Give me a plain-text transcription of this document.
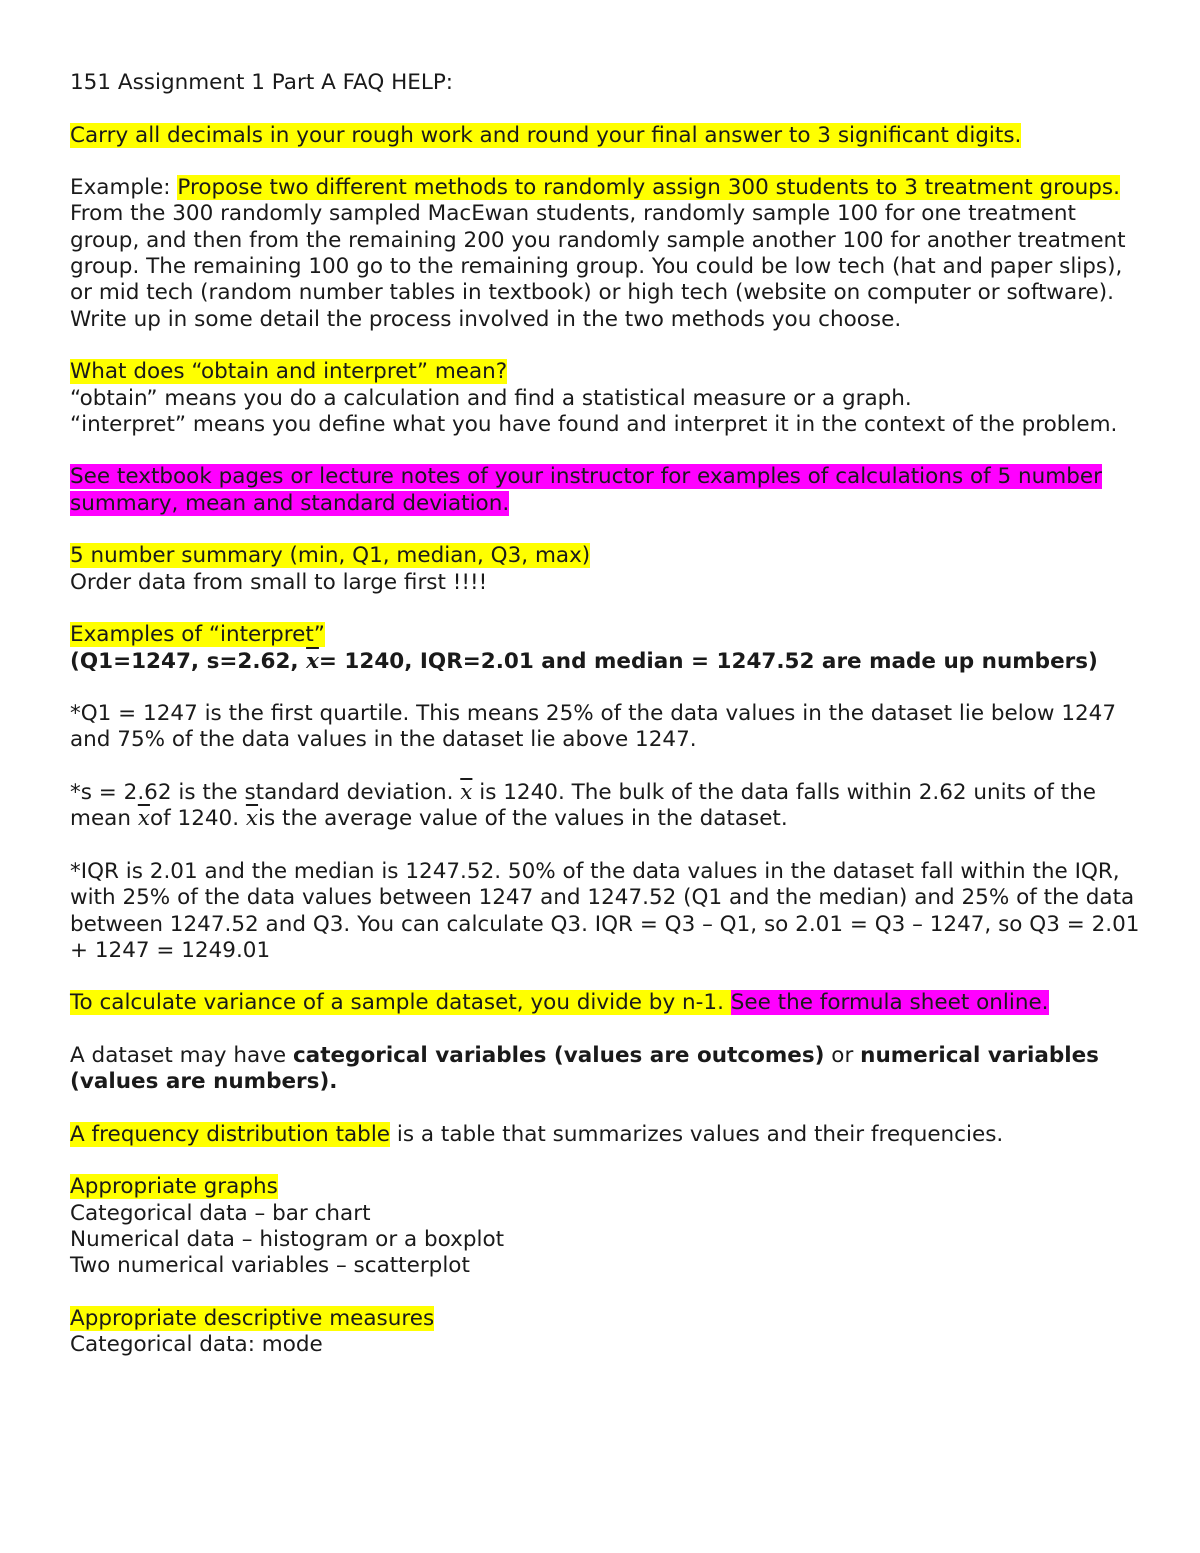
151 Assignment 1 Part A FAQ HELP:

Carry all decimals in your rough work and round your final answer to 3 significant digits.

Example: Propose two different methods to randomly assign 300 students to 3 treatment groups.

From the 300 randomly sampled MacEwan students, randomly sample 100 for one treatment group, and then from the remaining 200 you randomly sample another 100 for another treatment group. The remaining 100 go to the remaining group. You could be low tech (hat and paper slips), or mid tech (random number tables in textbook) or high tech (website on computer or software). Write up in some detail the process involved in the two methods you choose.

What does “obtain and interpret” mean?

“obtain” means you do a calculation and find a statistical measure or a graph.

“interpret” means you define what you have found and interpret it in the context of the problem.

See textbook pages or lecture notes of your instructor for examples of calculations of 5 number summary, mean and standard deviation.

5 number summary (min, Q1, median, Q3, max)

Order data from small to large first !!!!

Examples of “interpret”

(Q1=1247, s=2.62, $\overline{x}= 1240$, IQR=2.01 and median = 1247.52 are made up numbers)

*Q1 = 1247 is the first quartile. This means 25% of the data values in the dataset lie below 1247 and 75% of the data values in the dataset lie above 1247.

*s = 2.62 is the standard deviation. $\overline{x}$ is 1240. The bulk of the data falls within 2.62 units of the mean $\overline{x}of$ 1240. $\overline{x}is$ the average value of the values in the dataset.

*IQR is 2.01 and the median is 1247.52. 50% of the data values in the dataset fall within the IQR, with 25% of the data values between 1247 and 1247.52 (Q1 and the median) and 25% of the data between 1247.52 and Q3. You can calculate Q3. IQR = Q3 – Q1, so 2.01 = Q3 – 1247, so Q3 = 2.01 + 1247 = 1249.01

To calculate variance of a sample dataset, you divide by n-1. See the formula sheet online.

A dataset may have categorical variables (values are outcomes) or numerical variables (values are numbers).

A frequency distribution table is a table that summarizes values and their frequencies.

Appropriate graphs

Categorical data – bar chart

Numerical data – histogram or a boxplot

Two numerical variables – scatterplot

Appropriate descriptive measures

Categorical data: mode
